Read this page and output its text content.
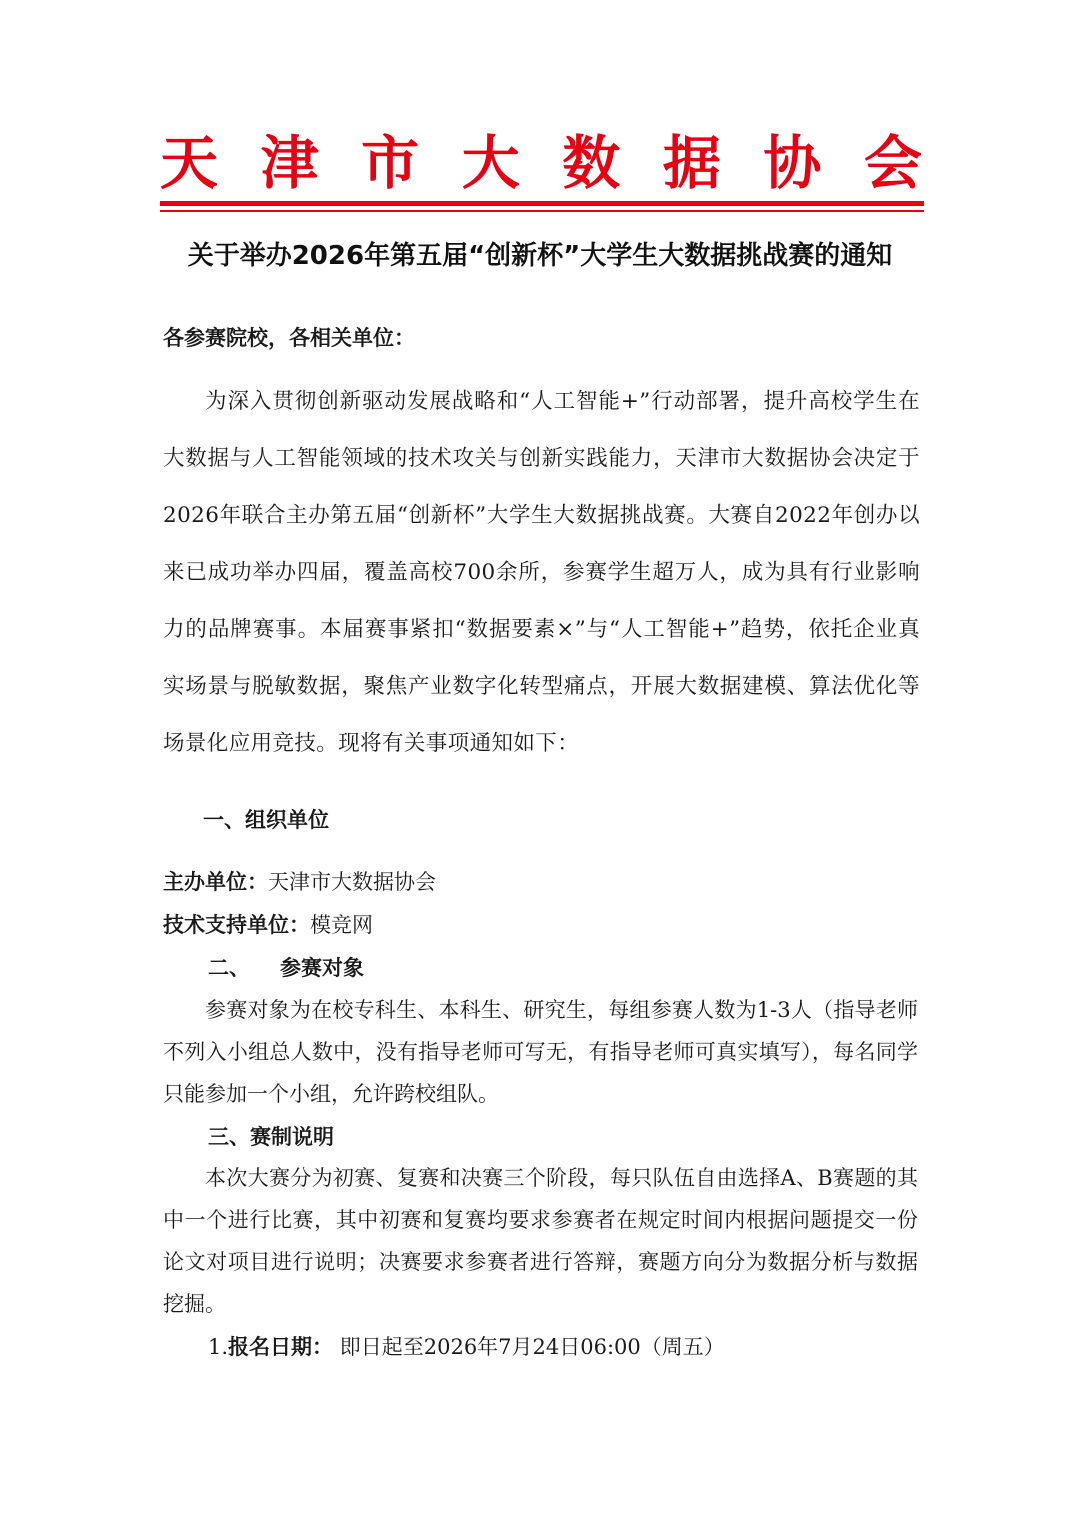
天 津 市 大 数 据 协 会
关于举办2026年第五届“创新杯”大学生大数据挑战赛的通知
各参赛院校，各相关单位：
为深入贯彻创新驱动发展战略和“人工智能+”行动部署，提升高校学生在大数据与人工智能领域的技术攻关与创新实践能力，天津市大数据协会决定于2026年联合主办第五届“创新杯”大学生大数据挑战赛。大赛自2022年创办以来已成功举办四届，覆盖高校700余所，参赛学生超万人，成为具有行业影响力的品牌赛事。本届赛事紧扣“数据要素×”与“人工智能+”趋势，依托企业真实场景与脱敏数据，聚焦产业数字化转型痛点，开展大数据建模、算法优化等场景化应用竞技。现将有关事项通知如下：
一、组织单位
主办单位：天津市大数据协会
技术支持单位：模竞网
二、 参赛对象
参赛对象为在校专科生、本科生、研究生，每组参赛人数为1-3人（指导老师不列入小组总人数中，没有指导老师可写无，有指导老师可真实填写），每名同学只能参加一个小组，允许跨校组队。
三、赛制说明
本次大赛分为初赛、复赛和决赛三个阶段，每只队伍自由选择A、B赛题的其中一个进行比赛，其中初赛和复赛均要求参赛者在规定时间内根据问题提交一份论文对项目进行说明；决赛要求参赛者进行答辩，赛题方向分为数据分析与数据挖掘。
1.报名日期： 即日起至2026年7月24日06:00（周五）
